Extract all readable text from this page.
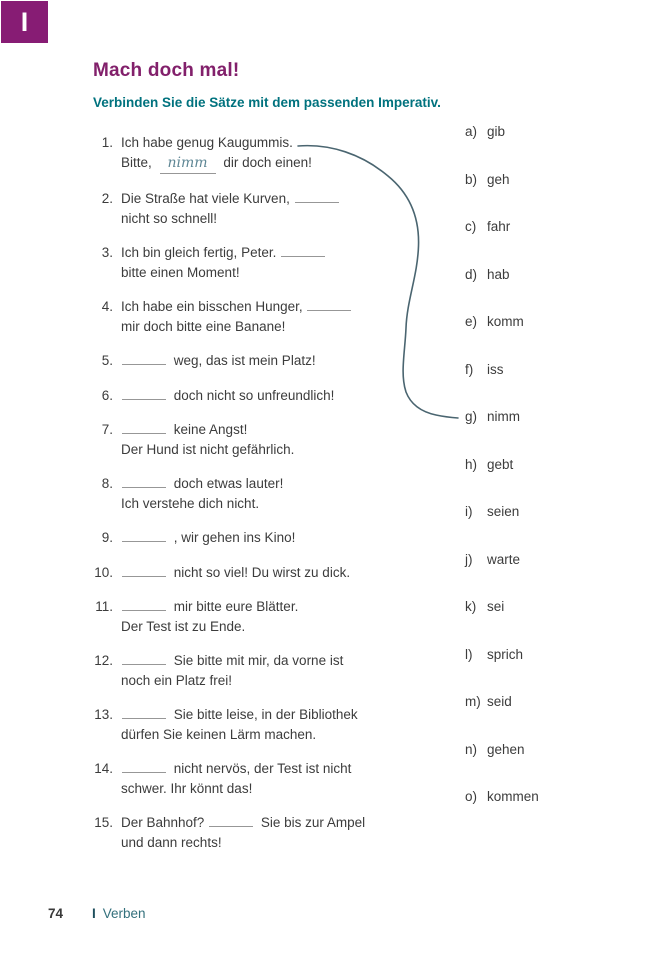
I
Mach doch mal!
Verbinden Sie die Sätze mit dem passenden Imperativ.
1. Ich habe genug Kaugummis.
Bitte, nimm dir doch einen!
2. Die Straße hat viele Kurven,
nicht so schnell!
3. Ich bin gleich fertig, Peter.
bitte einen Moment!
4. Ich habe ein bisschen Hunger,
mir doch bitte eine Banane!
5.	weg, das ist mein Platz!
6.	doch nicht so unfreundlich!
7.	keine Angst!
Der Hund ist nicht gefährlich.
8.	doch etwas lauter!
Ich verstehe dich nicht.
9.	, wir gehen ins Kino!
10.	nicht so viel! Du wirst zu dick.
11.	mir bitte eure Blätter.
Der Test ist zu Ende.
12.	Sie bitte mit mir, da vorne ist
noch ein Platz frei!
13.	Sie bitte leise, in der Bibliothek
dürfen Sie keinen Lärm machen.
14.	nicht nervös, der Test ist nicht
schwer. Ihr könnt das!
15. Der Bahnhof?	Sie bis zur Ampel
und dann rechts!
a) gib
b) geh
c) fahr
d) hab
e) komm
f)	iss
g) nimm
h) gebt
i)	seien
j)	warte
k) sei
l)	sprich
m) seid
n) gehen
o) kommen
74 I Verben
